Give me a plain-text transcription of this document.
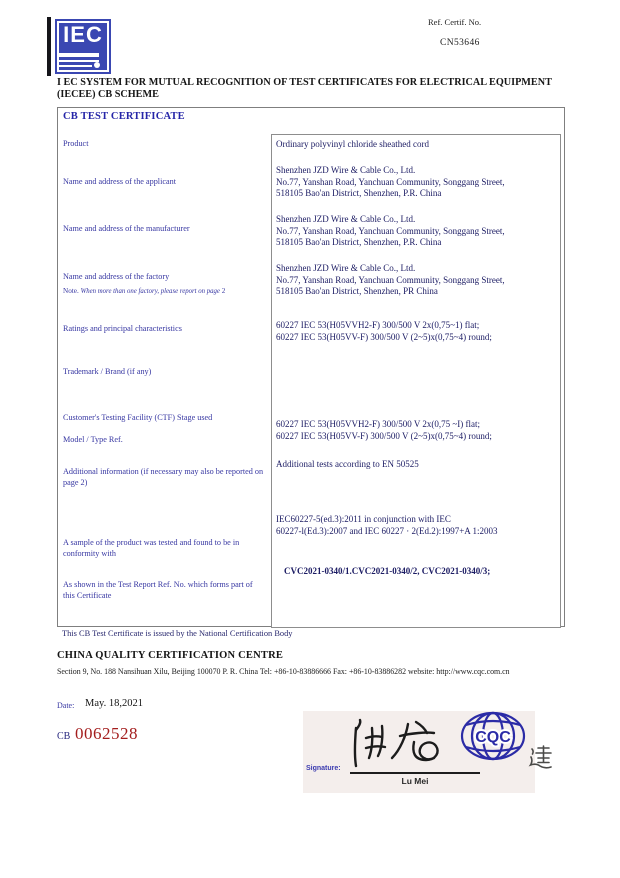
IEC	Ref. Certif. No.
CN53646
I EC SYSTEM FOR MUTUAL RECOGNITION OF TEST CERTIFICATES FOR ELECTRICAL EQUIPMENT
(IECEE) CB SCHEME
CB TEST CERTIFICATE
Product
Name and address of the applicant
Name and address of the manufacturer
Name and address of the factory
Note. When more than one factory, please report on page 2
Ratings and principal characteristics
Trademark / Brand (if any)
Customer's Testing Facility (CTF) Stage used
Model / Type Ref.
Additional information (if necessary may also be reported on page 2)
A sample of the product was tested and found to be in conformity with
As shown in the Test Report Ref. No. which forms part of this Certificate
Ordinary polyvinyl chloride sheathed cord
Shenzhen JZD Wire & Cable Co., Ltd.
No.77, Yanshan Road, Yanchuan Community, Songgang Street,
518105 Bao'an District, Shenzhen, P.R. China
Shenzhen JZD Wire & Cable Co., Ltd.
No.77, Yanshan Road, Yanchuan Community, Songgang Street,
518105 Bao'an District, Shenzhen, P.R. China
Shenzhen JZD Wire & Cable Co., Ltd.
No.77, Yanshan Road, Yanchuan Community, Songgang Street,
518105 Bao'an District, Shenzhen, PR China
60227 IEC 53(H05VVH2-F) 300/500 V 2x(0,75~1) flat;
60227 IEC 53(H05VV-F) 300/500 V (2~5)x(0,75~4) round;
60227 IEC 53(H05VVH2-F) 300/500 V 2x(0,75 ~I) flat;
60227 IEC 53(H05VV-F) 300/500 V (2~5)x(0,75~4) round;
Additional tests according to EN 50525
IEC60227-5(ed.3):2011 in conjunction with IEC
60227-l(Ed.3):2007 and IEC 60227 · 2(Ed.2):1997+A 1:2003
CVC2021-0340/1.CVC2021-0340/2, CVC2021-0340/3;
This CB Test Certificate is issued by the National Certification Body
CHINA QUALITY CERTIFICATION CENTRE
Section 9, No. 188 Nansihuan Xilu, Beijing 100070 P. R. China Tel: +86-10-83886666 Fax: +86-10-83886282 website: http://www.cqc.com.cn
Date: May. 18,2021
CB 0062528
Signature:
Lu Mei
CQC
